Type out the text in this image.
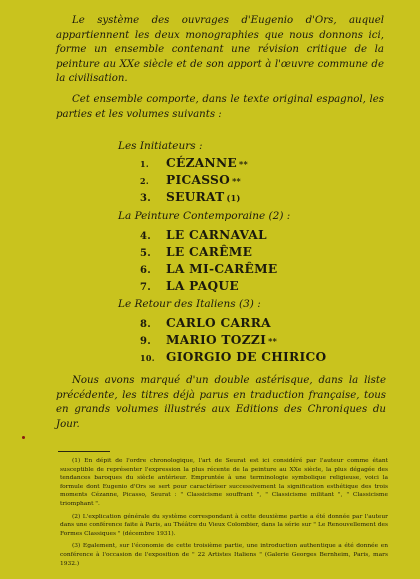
Le système des ouvrages d'Eugenio d'Ors, auquel appartiennent les deux monographies que nous donnons ici, forme un ensemble contenant une révision critique de la peinture au XXe siècle et de son apport à l'œuvre commune de la civilisation.

Cet ensemble comporte, dans le texte original espagnol, les parties et les volumes suivants :

Les Initiateurs :
1.	CÉZANNE **
2.	PICASSO **
3.	SEURAT (1)
La Peinture Contemporaine (2) :
4.	LE CARNAVAL
5.	LE CARÊME
6.	LA MI-CARÊME
7.	LA PAQUE
Le Retour des Italiens (3) :
8.	CARLO CARRA
9.	MARIO TOZZI **
10. GIORGIO DE CHIRICO

Nous avons marqué d'un double astérisque, dans la liste précédente, les titres déjà parus en traduction française, tous en grands volumes illustrés aux Editions des Chroniques du Jour.

(1) En dépit de l'ordre chronologique, l'art de Seurat est ici considéré par l'auteur comme étant susceptible de représenter l'expression la plus récente de la peinture au XXe siècle, la plus dégagée des tendances baroques du siècle antérieur. Empruntée à une terminologie symbolique religieuse, voici la formule dont Eugenio d'Ors se sert pour caractériser successivement la signification esthétique des trois moments Cézanne, Picasso, Seurat : " Classicisme souffrant ", " Classicisme militant ", " Classicisme triomphant ".

(2) L'explication générale du système correspondant à cette deuxième partie a été donnée par l'auteur dans une conférence faite à Paris, au Théâtre du Vieux Colombier, dans la série sur " Le Renouvellement des Formes Classiques " (décembre 1931).

(3) Egalement, sur l'économie de cette troisième partie, une introduction authentique a été donnée en conférence à l'occasion de l'exposition de " 22 Artistes Italiens " (Galerie Georges Bernheim, Paris, mars 1932.)
